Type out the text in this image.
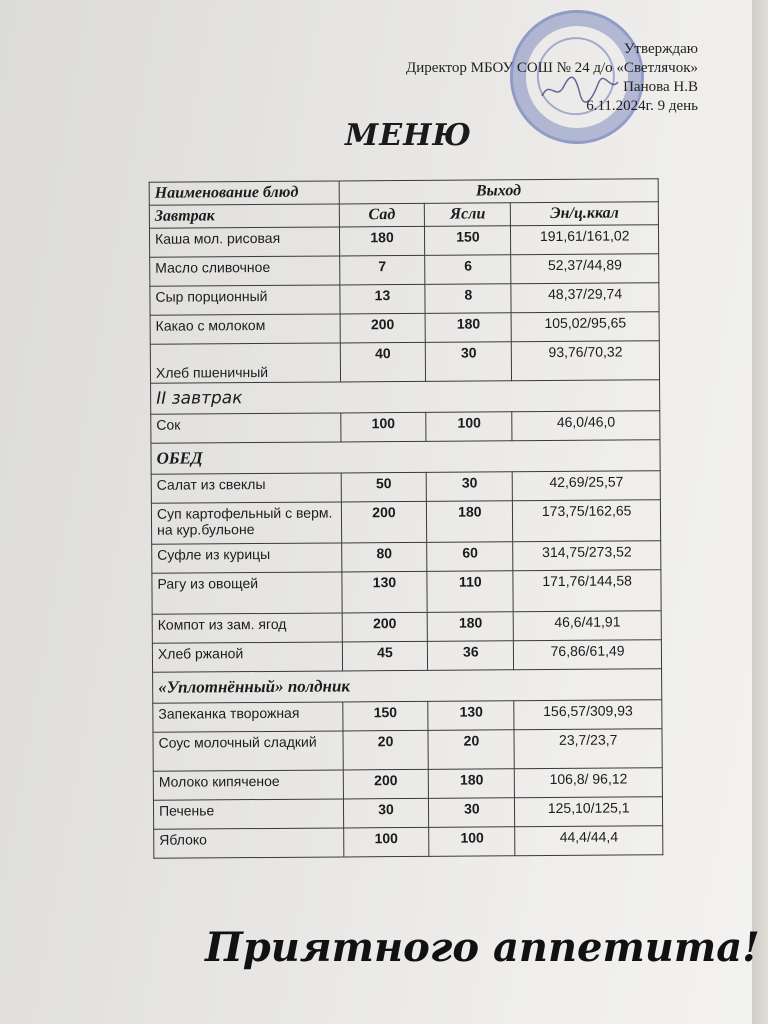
Утверждаю
Директор МБОУ СОШ № 24 д/о «Светлячок»
Панова Н.В
6.11.2024г. 9 день
МЕНЮ
Наименование блюд	Выход		
Завтрак	Сад	Ясли	Эн/ц.ккал
Каша мол. рисовая	180	150	191,61/161,02
Масло сливочное	7	6	52,37/44,89
Сыр порционный	13	8	48,37/29,74
Какао с молоком	200	180	105,02/95,65
Хлеб пшеничный	40	30	93,76/70,32
II завтрак			
Сок	100	100	46,0/46,0
ОБЕД			
Салат из свеклы	50	30	42,69/25,57
Суп картофельный с верм. на кур.бульоне	200	180	173,75/162,65
Суфле из курицы	80	60	314,75/273,52
Рагу из овощей	130	110	171,76/144,58
Компот из зам. ягод	200	180	46,6/41,91
Хлеб ржаной	45	36	76,86/61,49
«Уплотнённый» полдник			
Запеканка творожная	150	130	156,57/309,93
Соус молочный сладкий	20	20	23,7/23,7
Молоко кипяченое	200	180	106,8/ 96,12
Печенье	30	30	125,10/125,1
Яблоко	100	100	44,4/44,4
Приятного аппетита!
